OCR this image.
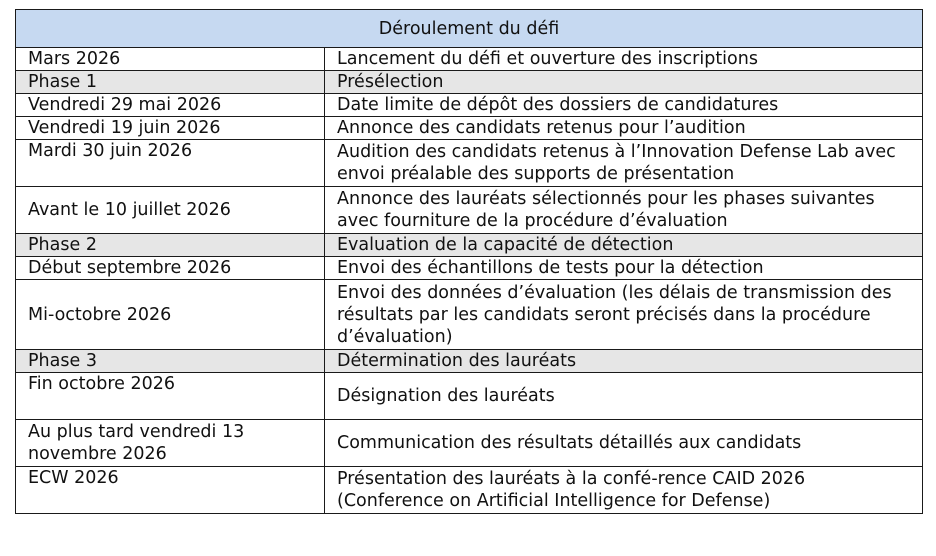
Déroulement du défi	
Mars 2026	Lancement du défi et ouverture des inscriptions
Phase 1	Présélection
Vendredi 29 mai 2026	Date limite de dépôt des dossiers de candidatures
Vendredi 19 juin 2026	Annonce des candidats retenus pour l’audition
Mardi 30 juin 2026	Audition des candidats retenus à l’Innovation Defense Lab avec envoi préalable des supports de présentation
Avant le 10 juillet 2026	Annonce des lauréats sélectionnés pour les phases suivantes avec fourniture de la procédure d’évaluation
Phase 2	Evaluation de la capacité de détection
Début septembre 2026	Envoi des échantillons de tests pour la détection
Mi-octobre 2026	Envoi des données d’évaluation (les délais de transmission des résultats par les candidats seront précisés dans la procédure d’évaluation)
Phase 3	Détermination des lauréats
Fin octobre 2026	Désignation des lauréats
Au plus tard vendredi 13 novembre 2026	Communication des résultats détaillés aux candidats
ECW 2026	Présentation des lauréats à la confé-rence CAID 2026 (Conference on Artificial Intelligence for Defense)
